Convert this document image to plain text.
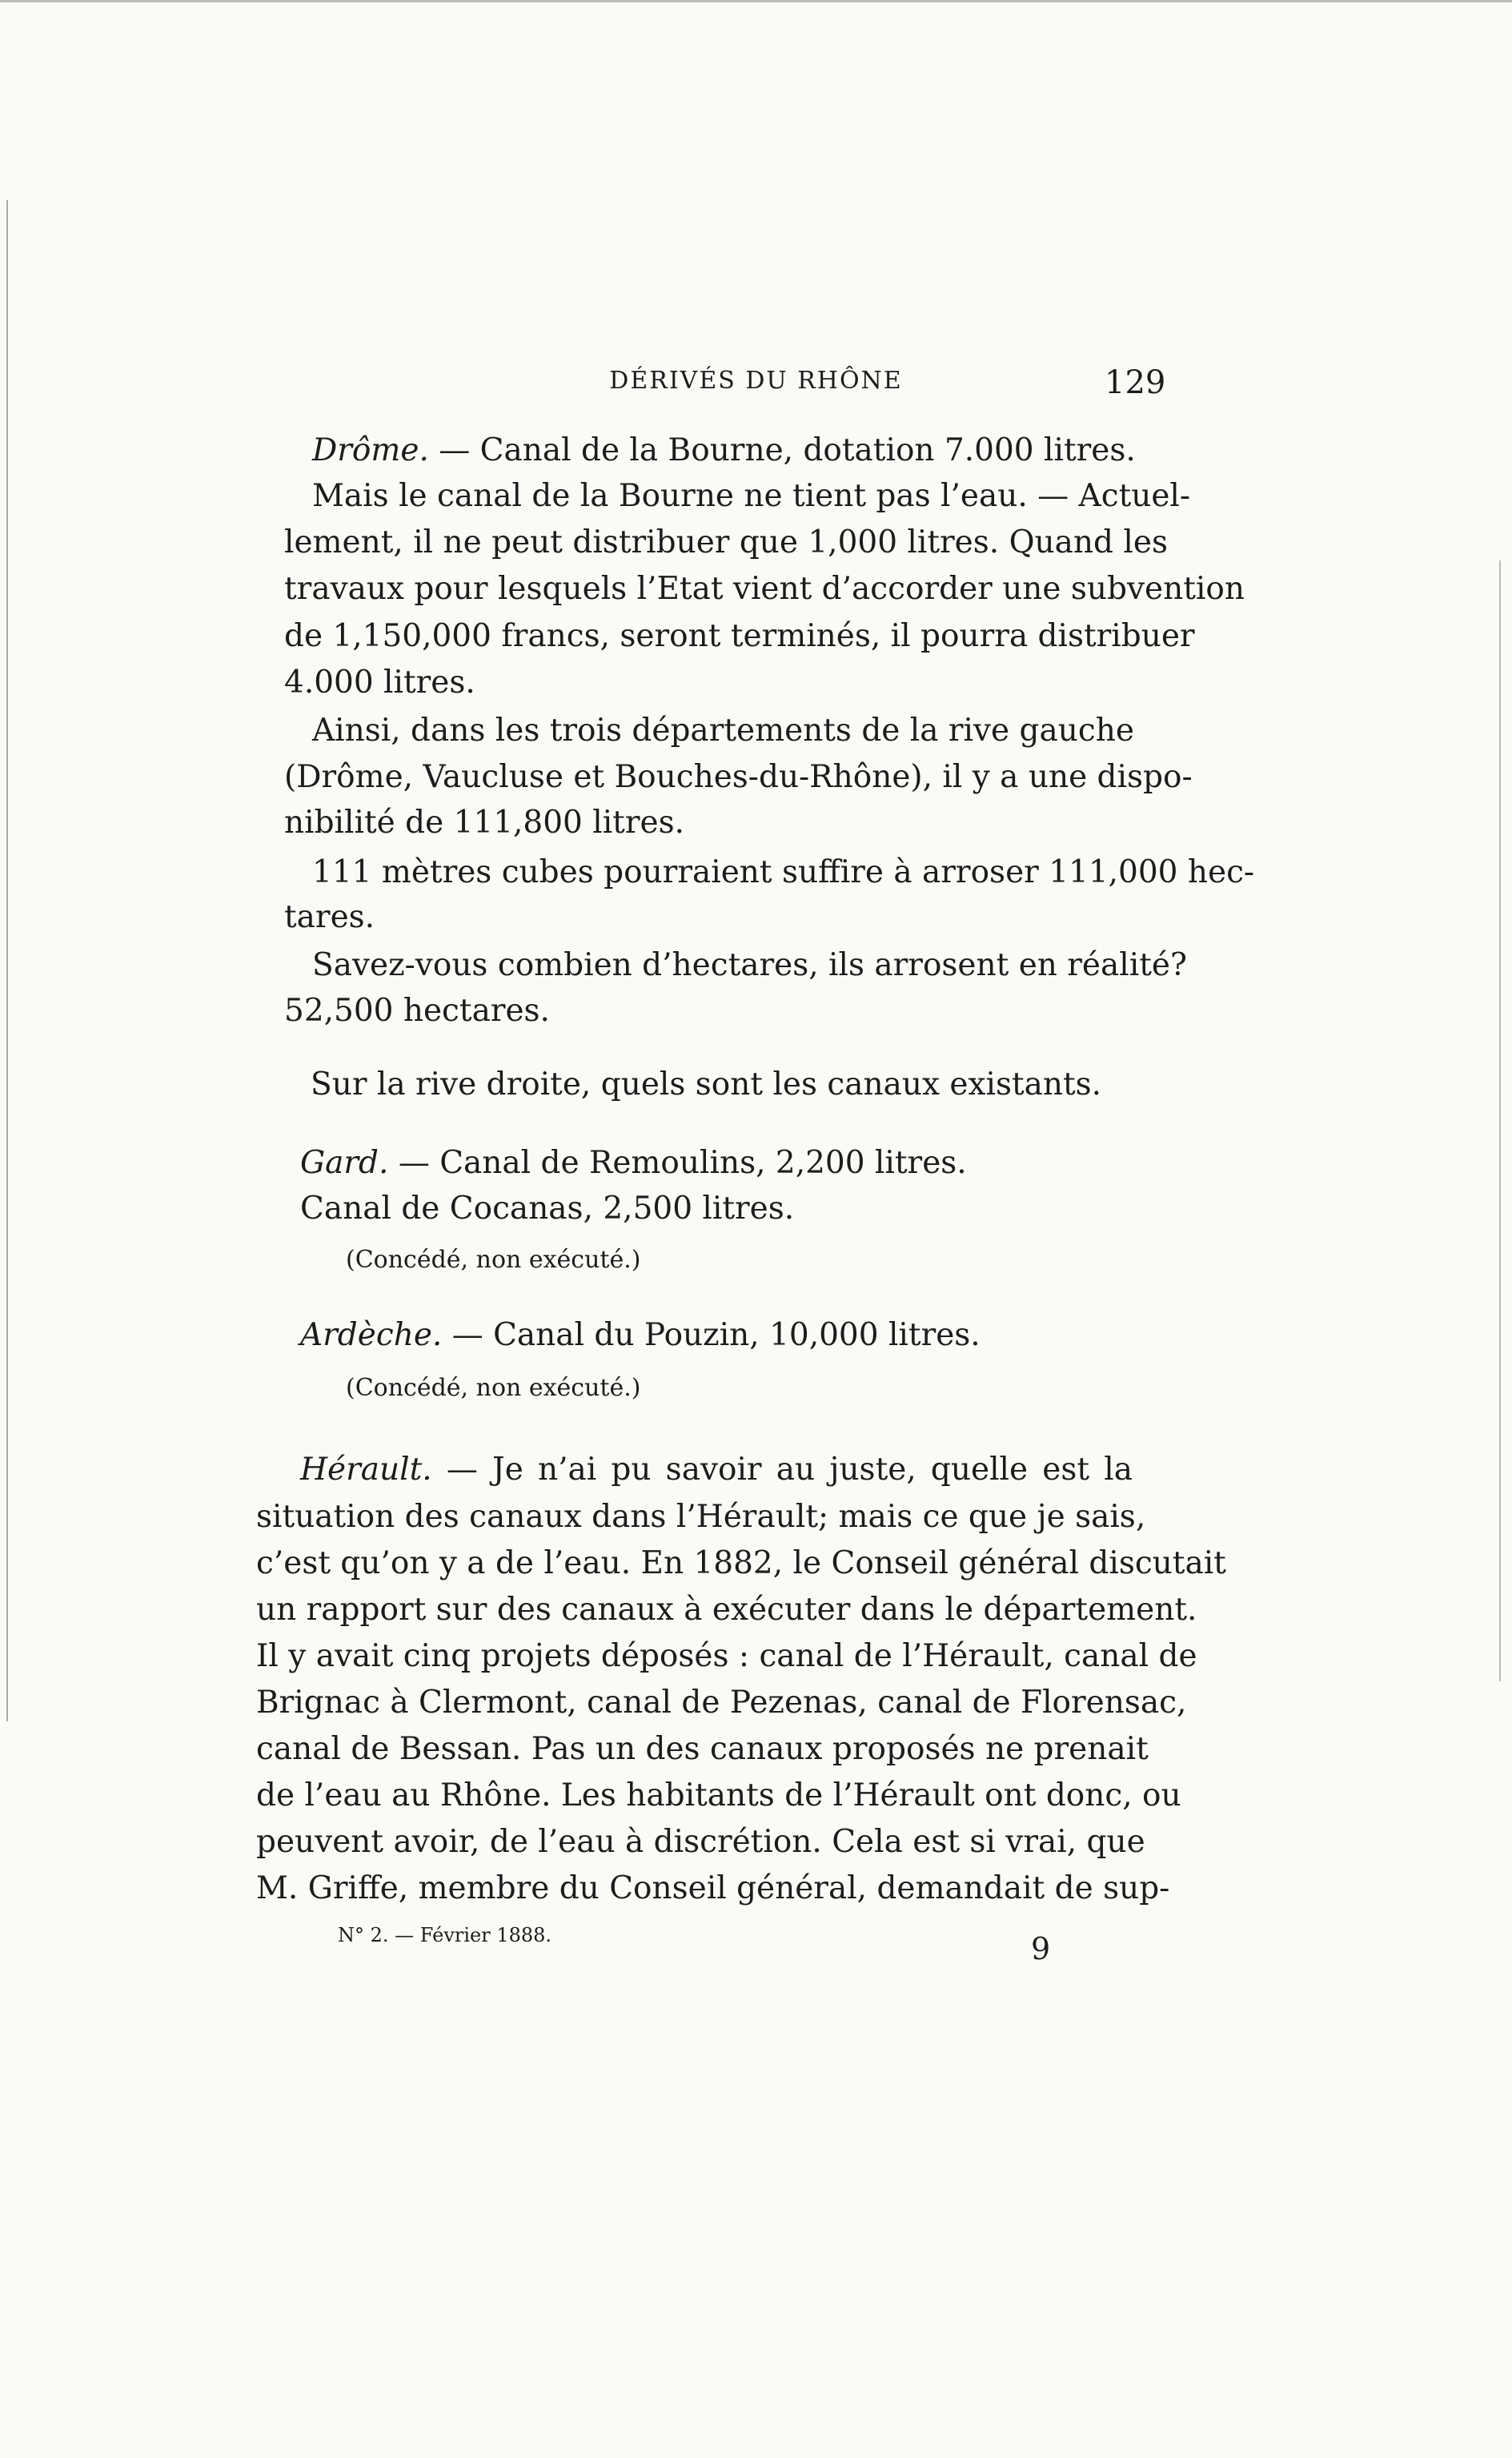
DÉRIVÉS DU RHÔNE	129
Drôme. — Canal de la Bourne, dotation 7.000 litres.
Mais le canal de la Bourne ne tient pas l’eau. — Actuel-
lement, il ne peut distribuer que 1,000 litres. Quand les
travaux pour lesquels l’Etat vient d’accorder une subvention
de 1,150,000 francs, seront terminés, il pourra distribuer
4.000 litres.
Ainsi, dans les trois départements de la rive gauche
(Drôme, Vaucluse et Bouches-du-Rhône), il y a une dispo-
nibilité de 111,800 litres.
111 mètres cubes pourraient suffire à arroser 111,000 hec-
tares.
Savez-vous combien d’hectares, ils arrosent en réalité?
52,500 hectares.
Sur la rive droite, quels sont les canaux existants.
Gard. — Canal de Remoulins, 2,200 litres.
Canal de Cocanas, 2,500 litres.
(Concédé, non exécuté.)
Ardèche. — Canal du Pouzin, 10,000 litres.
(Concédé, non exécuté.)
Hérault. — Je n’ai pu savoir au juste, quelle est la
situation des canaux dans l’Hérault; mais ce que je sais,
c’est qu’on y a de l’eau. En 1882, le Conseil général discutait
un rapport sur des canaux à exécuter dans le département.
Il y avait cinq projets déposés : canal de l’Hérault, canal de
Brignac à Clermont, canal de Pezenas, canal de Florensac,
canal de Bessan. Pas un des canaux proposés ne prenait
de l’eau au Rhône. Les habitants de l’Hérault ont donc, ou
peuvent avoir, de l’eau à discrétion. Cela est si vrai, que
M. Griffe, membre du Conseil général, demandait de sup-
N° 2. — Février 1888.	9
